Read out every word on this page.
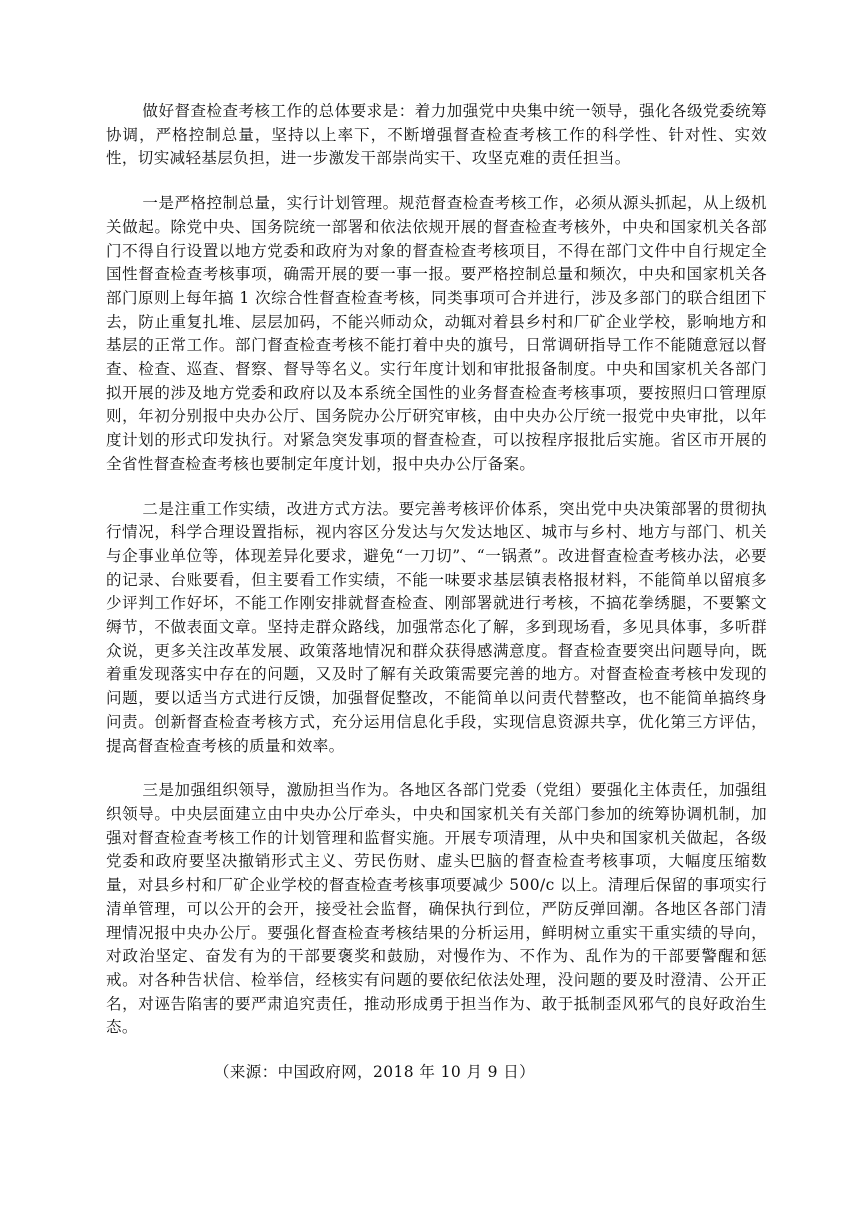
做好督查检查考核工作的总体要求是：着力加强党中央集中统一领导，强化各级党委统筹协调，严格控制总量，坚持以上率下，不断增强督查检查考核工作的科学性、针对性、实效性，切实减轻基层负担，进一步激发干部崇尚实干、攻坚克难的责任担当。

一是严格控制总量，实行计划管理。规范督查检查考核工作，必须从源头抓起，从上级机关做起。除党中央、国务院统一部署和依法依规开展的督查检查考核外，中央和国家机关各部门不得自行设置以地方党委和政府为对象的督查检查考核项目，不得在部门文件中自行规定全国性督查检查考核事项，确需开展的要一事一报。要严格控制总量和频次，中央和国家机关各部门原则上每年搞 1 次综合性督查检查考核，同类事项可合并进行，涉及多部门的联合组团下去，防止重复扎堆、层层加码，不能兴师动众，动辄对着县乡村和厂矿企业学校，影响地方和基层的正常工作。部门督查检查考核不能打着中央的旗号，日常调研指导工作不能随意冠以督查、检查、巡查、督察、督导等名义。实行年度计划和审批报备制度。中央和国家机关各部门拟开展的涉及地方党委和政府以及本系统全国性的业务督查检查考核事项，要按照归口管理原则，年初分别报中央办公厅、国务院办公厅研究审核，由中央办公厅统一报党中央审批，以年度计划的形式印发执行。对紧急突发事项的督查检查，可以按程序报批后实施。省区市开展的全省性督查检查考核也要制定年度计划，报中央办公厅备案。

二是注重工作实绩，改进方式方法。要完善考核评价体系，突出党中央决策部署的贯彻执行情况，科学合理设置指标，视内容区分发达与欠发达地区、城市与乡村、地方与部门、机关与企事业单位等，体现差异化要求，避免“一刀切”、“一锅煮”。改进督查检查考核办法，必要的记录、台账要看，但主要看工作实绩，不能一味要求基层镇表格报材料，不能简单以留痕多少评判工作好坏，不能工作刚安排就督查检查、刚部署就进行考核，不搞花拳绣腿，不要繁文缛节，不做表面文章。坚持走群众路线，加强常态化了解，多到现场看，多见具体事，多听群众说，更多关注改革发展、政策落地情况和群众获得感满意度。督查检查要突出问题导向，既着重发现落实中存在的问题，又及时了解有关政策需要完善的地方。对督查检查考核中发现的问题，要以适当方式进行反馈，加强督促整改，不能简单以问责代替整改，也不能简单搞终身问责。创新督查检查考核方式，充分运用信息化手段，实现信息资源共享，优化第三方评估，提高督查检查考核的质量和效率。

三是加强组织领导，激励担当作为。各地区各部门党委（党组）要强化主体责任，加强组织领导。中央层面建立由中央办公厅牵头，中央和国家机关有关部门参加的统筹协调机制，加强对督查检查考核工作的计划管理和监督实施。开展专项清理，从中央和国家机关做起，各级党委和政府要坚决撤销形式主义、劳民伤财、虚头巴脑的督查检查考核事项，大幅度压缩数量，对县乡村和厂矿企业学校的督查检查考核事项要减少 500/c 以上。清理后保留的事项实行清单管理，可以公开的会开，接受社会监督，确保执行到位，严防反弹回潮。各地区各部门清理情况报中央办公厅。要强化督查检查考核结果的分析运用，鲜明树立重实干重实绩的导向，对政治坚定、奋发有为的干部要褒奖和鼓励，对慢作为、不作为、乱作为的干部要警醒和惩戒。对各种告状信、检举信，经核实有问题的要依纪依法处理，没问题的要及时澄清、公开正名，对诬告陷害的要严肃追究责任，推动形成勇于担当作为、敢于抵制歪风邪气的良好政治生态。

（来源：中国政府网，2018 年 10 月 9 日）
